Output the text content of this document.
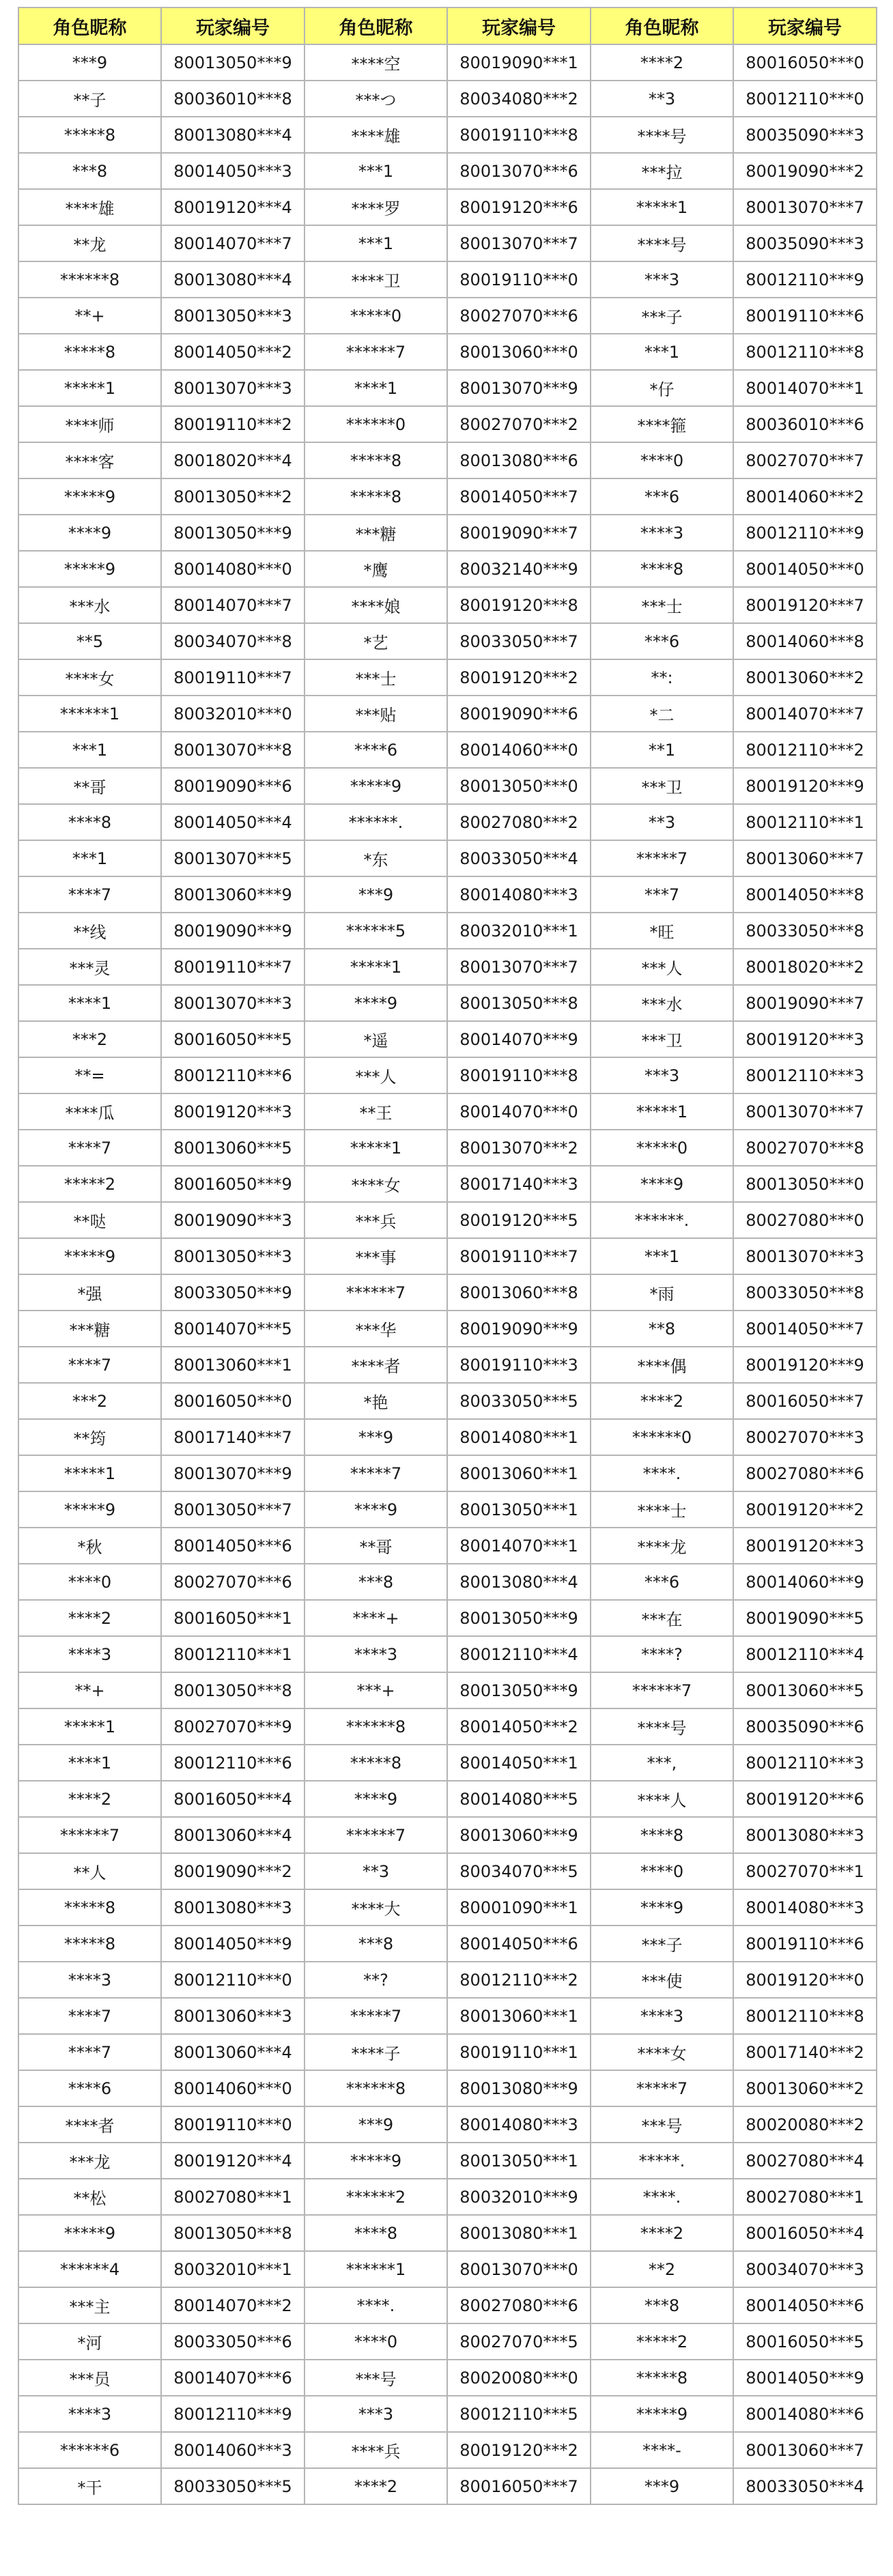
角色昵称	玩家编号	角色昵称	玩家编号	角色昵称	玩家编号
***9	80013050***9	****空	80019090***1	****2	80016050***0
**子	80036010***8	***つ	80034080***2	**3	80012110***0
*****8	80013080***4	****雄	80019110***8	****号	80035090***3
***8	80014050***3	***1	80013070***6	***拉	80019090***2
****雄	80019120***4	****罗	80019120***6	*****1	80013070***7
**龙	80014070***7	***1	80013070***7	****号	80035090***3
******8	80013080***4	****卫	80019110***0	***3	80012110***9
**+	80013050***3	*****0	80027070***6	***子	80019110***6
*****8	80014050***2	******7	80013060***0	***1	80012110***8
*****1	80013070***3	****1	80013070***9	*仔	80014070***1
****师	80019110***2	******0	80027070***2	****箍	80036010***6
****客	80018020***4	*****8	80013080***6	****0	80027070***7
*****9	80013050***2	*****8	80014050***7	***6	80014060***2
****9	80013050***9	***糖	80019090***7	****3	80012110***9
*****9	80014080***0	*鹰	80032140***9	****8	80014050***0
***水	80014070***7	****娘	80019120***8	***士	80019120***7
**5	80034070***8	*艺	80033050***7	***6	80014060***8
****女	80019110***7	***士	80019120***2	**:	80013060***2
******1	80032010***0	***贴	80019090***6	*二	80014070***7
***1	80013070***8	****6	80014060***0	**1	80012110***2
**哥	80019090***6	*****9	80013050***0	***卫	80019120***9
****8	80014050***4	******.	80027080***2	**3	80012110***1
***1	80013070***5	*东	80033050***4	*****7	80013060***7
****7	80013060***9	***9	80014080***3	***7	80014050***8
**线	80019090***9	******5	80032010***1	*旺	80033050***8
***灵	80019110***7	*****1	80013070***7	***人	80018020***2
****1	80013070***3	****9	80013050***8	***水	80019090***7
***2	80016050***5	*遥	80014070***9	***卫	80019120***3
**=	80012110***6	***人	80019110***8	***3	80012110***3
****瓜	80019120***3	**王	80014070***0	*****1	80013070***7
****7	80013060***5	*****1	80013070***2	*****0	80027070***8
*****2	80016050***9	****女	80017140***3	****9	80013050***0
**哒	80019090***3	***兵	80019120***5	******.	80027080***0
*****9	80013050***3	***事	80019110***7	***1	80013070***3
*强	80033050***9	******7	80013060***8	*雨	80033050***8
***糖	80014070***5	***华	80019090***9	**8	80014050***7
****7	80013060***1	****者	80019110***3	****偶	80019120***9
***2	80016050***0	*艳	80033050***5	****2	80016050***7
**筠	80017140***7	***9	80014080***1	******0	80027070***3
*****1	80013070***9	*****7	80013060***1	****.	80027080***6
*****9	80013050***7	****9	80013050***1	****士	80019120***2
*秋	80014050***6	**哥	80014070***1	****龙	80019120***3
****0	80027070***6	***8	80013080***4	***6	80014060***9
****2	80016050***1	****+	80013050***9	***在	80019090***5
****3	80012110***1	****3	80012110***4	****?	80012110***4
**+	80013050***8	***+	80013050***9	******7	80013060***5
*****1	80027070***9	******8	80014050***2	****号	80035090***6
****1	80012110***6	*****8	80014050***1	***,	80012110***3
****2	80016050***4	****9	80014080***5	****人	80019120***6
******7	80013060***4	******7	80013060***9	****8	80013080***3
**人	80019090***2	**3	80034070***5	****0	80027070***1
*****8	80013080***3	****大	80001090***1	****9	80014080***3
*****8	80014050***9	***8	80014050***6	***子	80019110***6
****3	80012110***0	**?	80012110***2	***使	80019120***0
****7	80013060***3	*****7	80013060***1	****3	80012110***8
****7	80013060***4	****子	80019110***1	****女	80017140***2
****6	80014060***0	******8	80013080***9	*****7	80013060***2
****者	80019110***0	***9	80014080***3	***号	80020080***2
***龙	80019120***4	*****9	80013050***1	*****.	80027080***4
**松	80027080***1	******2	80032010***9	****.	80027080***1
*****9	80013050***8	****8	80013080***1	****2	80016050***4
******4	80032010***1	******1	80013070***0	**2	80034070***3
***主	80014070***2	****.	80027080***6	***8	80014050***6
*河	80033050***6	****0	80027070***5	*****2	80016050***5
***员	80014070***6	***号	80020080***0	*****8	80014050***9
****3	80012110***9	***3	80012110***5	*****9	80014080***6
******6	80014060***3	****兵	80019120***2	****-	80013060***7
*干	80033050***5	****2	80016050***7	***9	80033050***4
